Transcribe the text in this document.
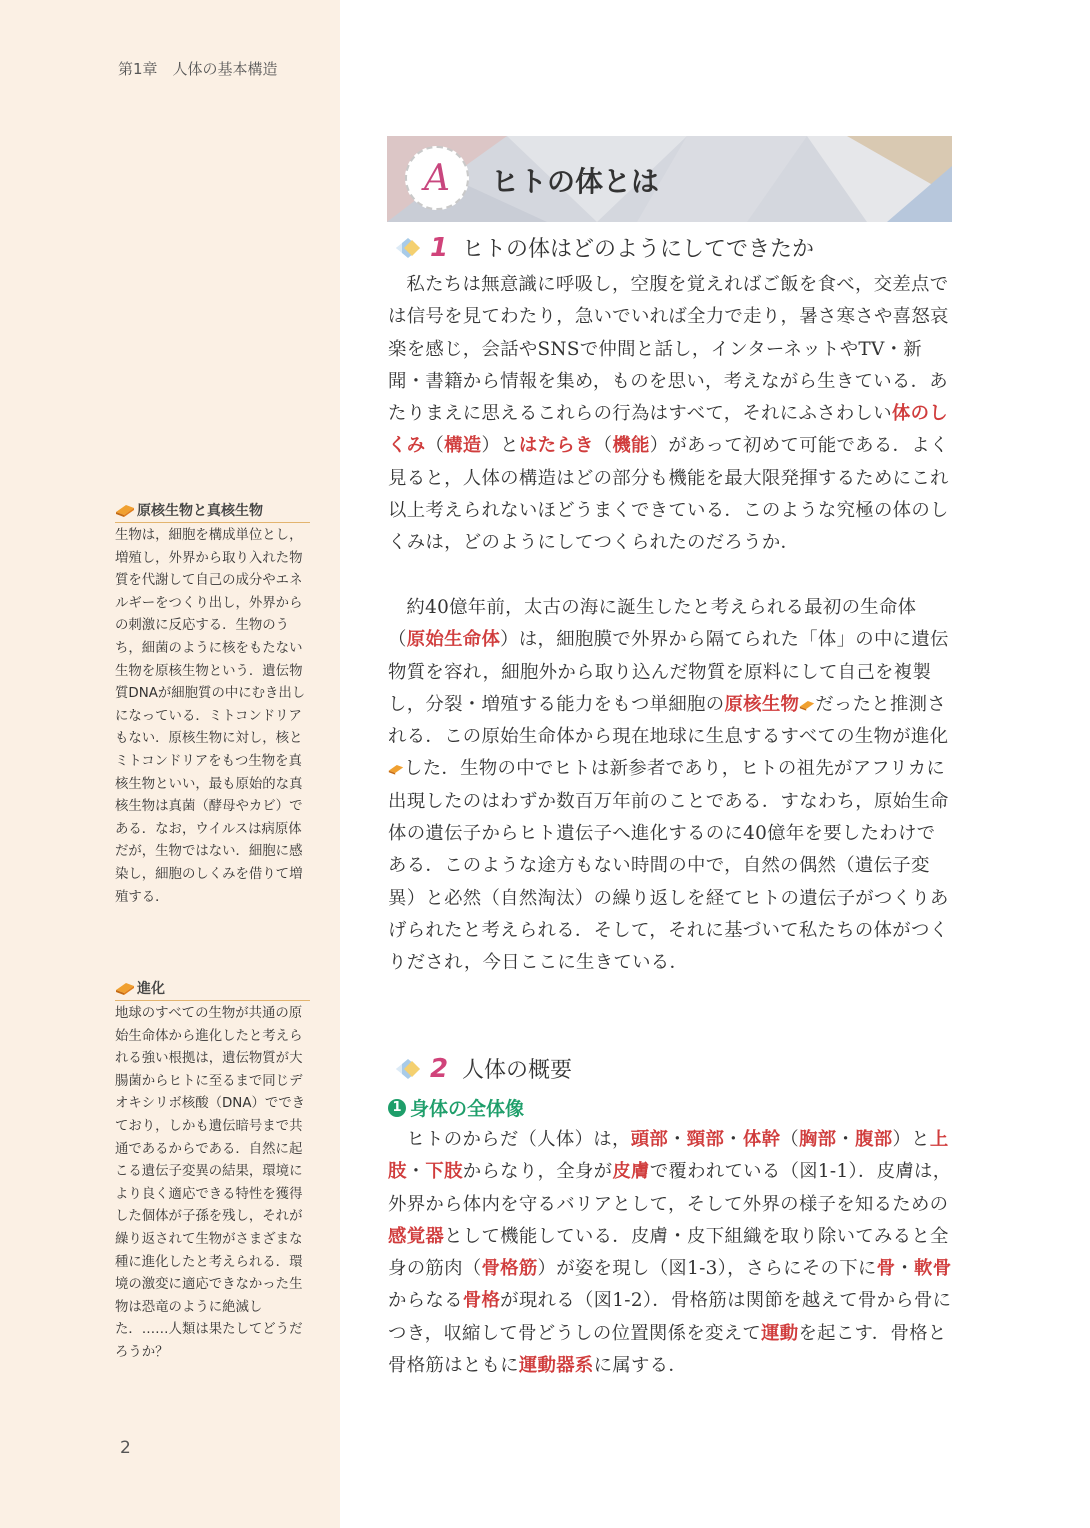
第1章　人体の基本構造
原核生物と真核生物
生物は，細胞を構成単位とし，増殖し，外界から取り入れた物質を代謝して自己の成分やエネルギーをつくり出し，外界からの刺激に反応する．生物のうち，細菌のように核をもたない生物を原核生物という．遺伝物質DNAが細胞質の中にむき出しになっている．ミトコンドリアもない．原核生物に対し，核とミトコンドリアをもつ生物を真核生物といい，最も原始的な真核生物は真菌（酵母やカビ）である．なお，ウイルスは病原体だが，生物ではない．細胞に感染し，細胞のしくみを借りて増殖する．
進化
地球のすべての生物が共通の原始生命体から進化したと考えられる強い根拠は，遺伝物質が大腸菌からヒトに至るまで同じデオキシリボ核酸（DNA）でできており，しかも遺伝暗号まで共通であるからである．自然に起こる遺伝子変異の結果，環境により良く適応できる特性を獲得した個体が子孫を残し，それが繰り返されて生物がさまざまな種に進化したと考えられる．環境の激変に適応できなかった生物は恐竜のように絶滅した．……人類は果たしてどうだろうか？
2
A	ヒトの体とは
1 ヒトの体はどのようにしてできたか

私たちは無意識に呼吸し，空腹を覚えればご飯を食べ，交差点では信号を見てわたり，急いでいれば全力で走り，暑さ寒さや喜怒哀楽を感じ，会話やSNSで仲間と話し，インターネットやTV・新聞・書籍から情報を集め，ものを思い，考えながら生きている．あたりまえに思えるこれらの行為はすべて，それにふさわしい体のしくみ（構造）とはたらき（機能）があって初めて可能である．よく見ると，人体の構造はどの部分も機能を最大限発揮するためにこれ以上考えられないほどうまくできている．このような究極の体のしくみは，どのようにしてつくられたのだろうか．

約40億年前，太古の海に誕生したと考えられる最初の生命体（原始生命体）は，細胞膜で外界から隔てられた「体」の中に遺伝物質を容れ，細胞外から取り込んだ物質を原料にして自己を複製し，分裂・増殖する能力をもつ単細胞の原核生物 だったと推測される．この原始生命体から現在地球に生息するすべての生物が進化した．生物の中でヒトは新参者であり，ヒトの祖先がアフリカに出現したのはわずか数百万年前のことである．すなわち，原始生命体の遺伝子からヒト遺伝子へ進化するのに40億年を要したわけである．このような途方もない時間の中で，自然の偶然（遺伝子変異）と必然（自然淘汰）の繰り返しを経てヒトの遺伝子がつくりあげられたと考えられる．そして，それに基づいて私たちの体がつくりだされ，今日ここに生きている．

2 人体の概要
1 身体の全体像

ヒトのからだ（人体）は，頭部・頸部・体幹（胸部・腹部）と上肢・下肢からなり，全身が皮膚で覆われている（図1-1）．皮膚は，外界から体内を守るバリアとして，そして外界の様子を知るための感覚器として機能している．皮膚・皮下組織を取り除いてみると全身の筋肉（骨格筋）が姿を現し（図1-3），さらにその下に骨・軟骨からなる骨格が現れる（図1-2）．骨格筋は関節を越えて骨から骨につき，収縮して骨どうしの位置関係を変えて運動を起こす．骨格と骨格筋はともに運動器系に属する．
